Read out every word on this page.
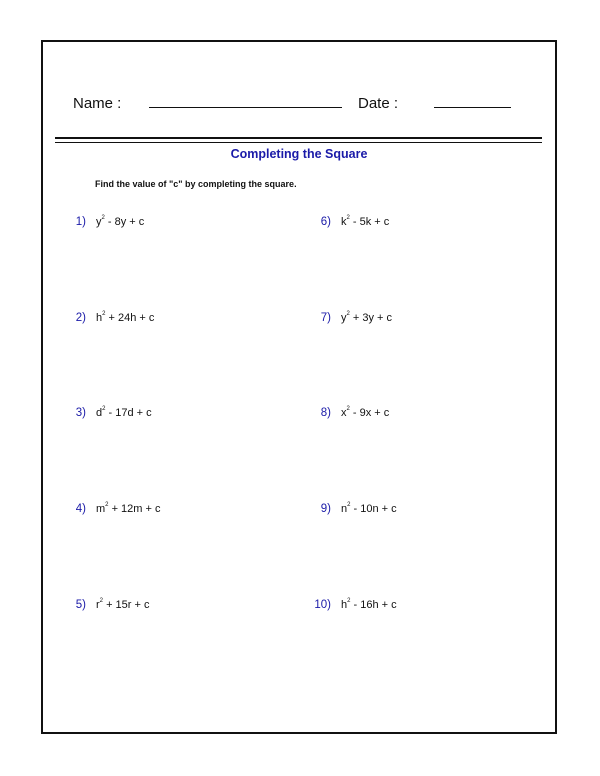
Name :	Date :
Completing the Square
Find the value of "c" by completing the square.
1) $y^2 - 8y + c$
2) $h^2 + 24h + c$
3) $d^2 - 17d + c$
4) $m^2 + 12m + c$
5) $r^2 + 15r + c$
6) $k^2 - 5k + c$
7) $y^2 + 3y + c$
8) $x^2 - 9x + c$
9) $n^2 - 10n + c$
10) $h^2 - 16h + c$
